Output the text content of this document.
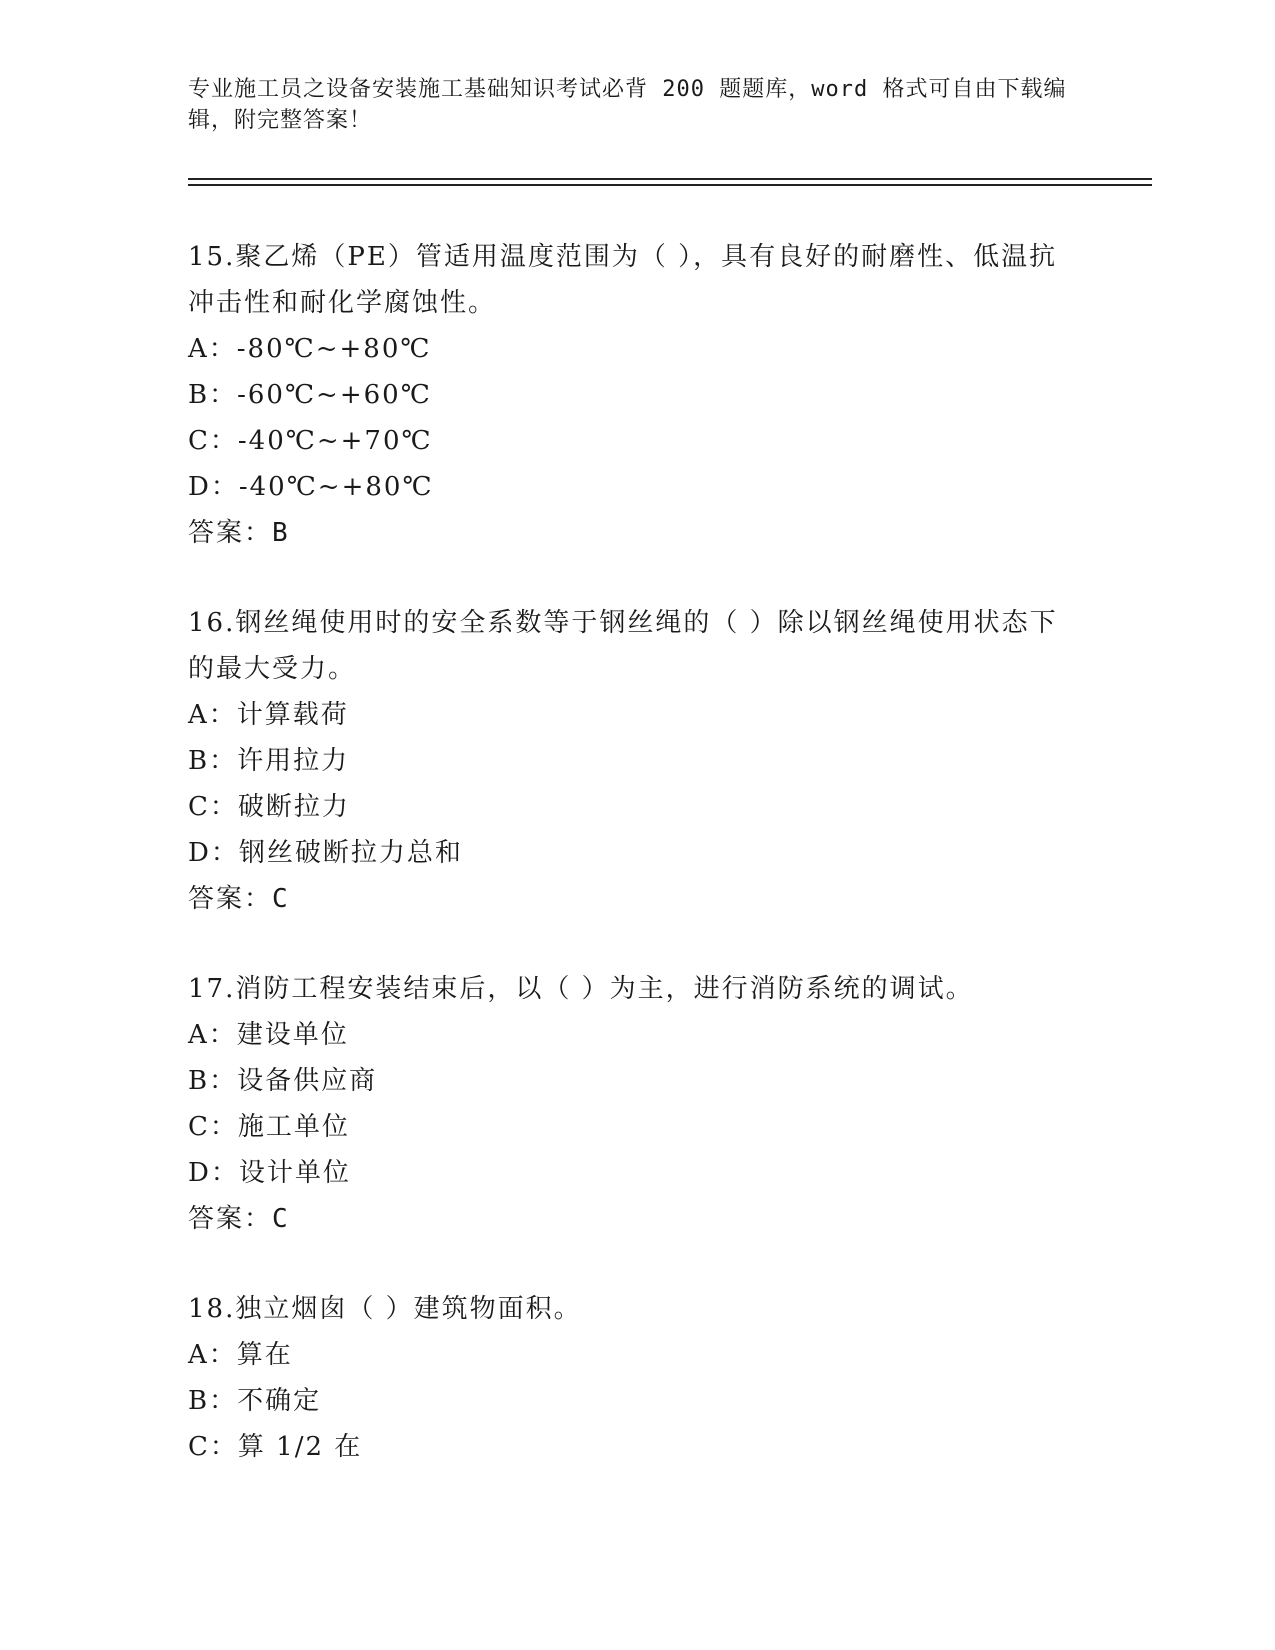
专业施工员之设备安装施工基础知识考试必背 200 题题库，word 格式可自由下载编辑，附完整答案！
15.聚乙烯（PE）管适用温度范围为（ ），具有良好的耐磨性、低温抗冲击性和耐化学腐蚀性。
A：-80℃~+80℃
B：-60℃~+60℃
C：-40℃~+70℃
D：-40℃~+80℃
答案：B
16.钢丝绳使用时的安全系数等于钢丝绳的（ ）除以钢丝绳使用状态下的最大受力。
A：计算载荷
B：许用拉力
C：破断拉力
D：钢丝破断拉力总和
答案：C
17.消防工程安装结束后，以（ ）为主，进行消防系统的调试。
A：建设单位
B：设备供应商
C：施工单位
D：设计单位
答案：C
18.独立烟囱（ ）建筑物面积。
A：算在
B：不确定
C：算 1/2 在
